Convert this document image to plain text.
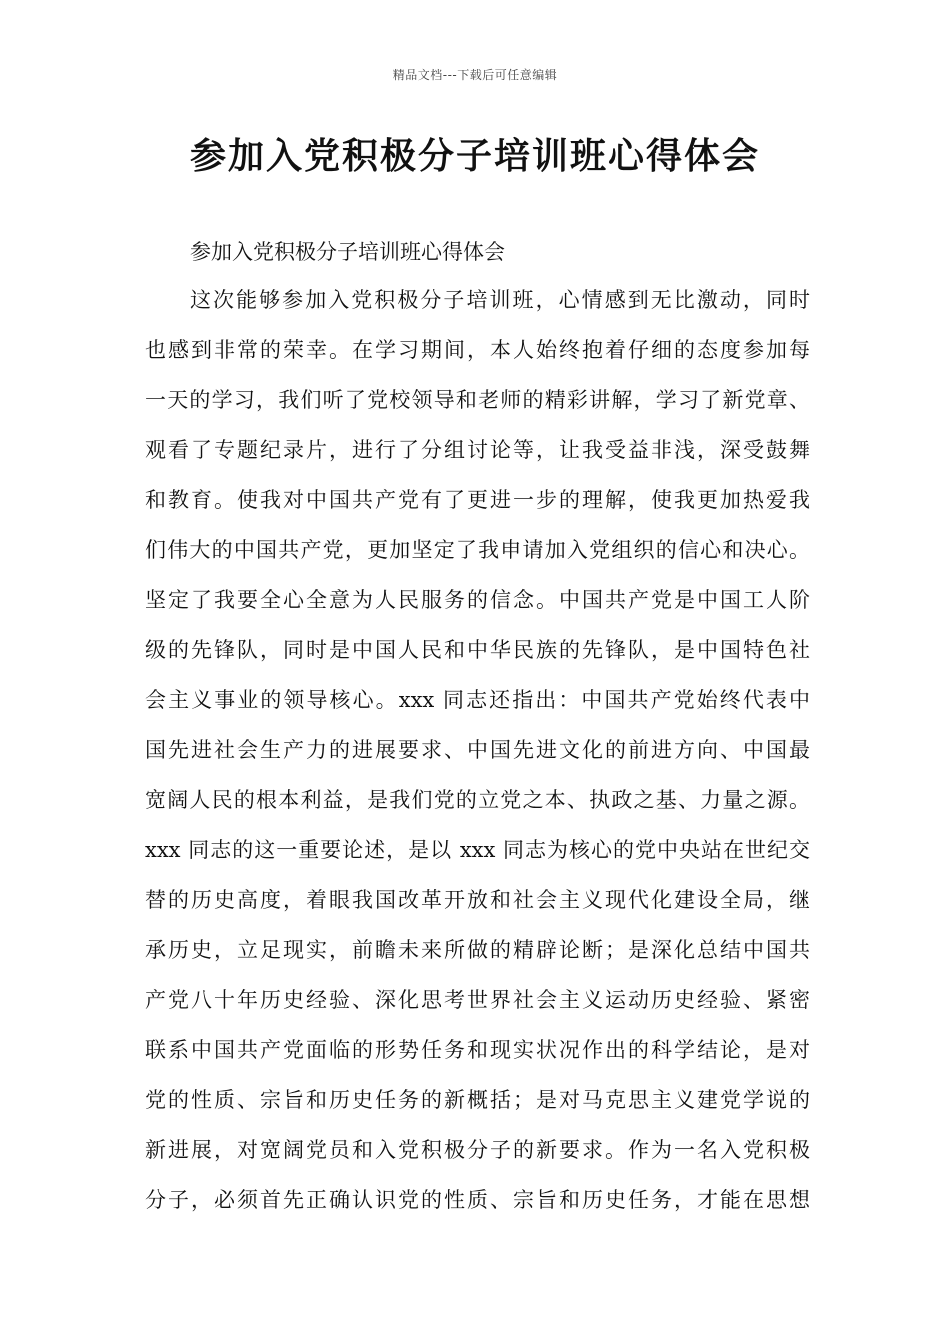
精品文档---下载后可任意编辑
参加入党积极分子培训班心得体会
参加入党积极分子培训班心得体会
这次能够参加入党积极分子培训班，心情感到无比激动，同时
也感到非常的荣幸。在学习期间，本人始终抱着仔细的态度参加每
一天的学习，我们听了党校领导和老师的精彩讲解，学习了新党章、
观看了专题纪录片，进行了分组讨论等，让我受益非浅，深受鼓舞
和教育。使我对中国共产党有了更进一步的理解，使我更加热爱我
们伟大的中国共产党，更加坚定了我申请加入党组织的信心和决心。
坚定了我要全心全意为人民服务的信念。中国共产党是中国工人阶
级的先锋队，同时是中国人民和中华民族的先锋队，是中国特色社
会主义事业的领导核心。xxx 同志还指出：中国共产党始终代表中
国先进社会生产力的进展要求、中国先进文化的前进方向、中国最
宽阔人民的根本利益，是我们党的立党之本、执政之基、力量之源。
xxx 同志的这一重要论述，是以 xxx 同志为核心的党中央站在世纪交
替的历史高度，着眼我国改革开放和社会主义现代化建设全局，继
承历史，立足现实，前瞻未来所做的精辟论断；是深化总结中国共
产党八十年历史经验、深化思考世界社会主义运动历史经验、紧密
联系中国共产党面临的形势任务和现实状况作出的科学结论，是对
党的性质、宗旨和历史任务的新概括；是对马克思主义建党学说的
新进展，对宽阔党员和入党积极分子的新要求。作为一名入党积极
分子，必须首先正确认识党的性质、宗旨和历史任务，才能在思想
